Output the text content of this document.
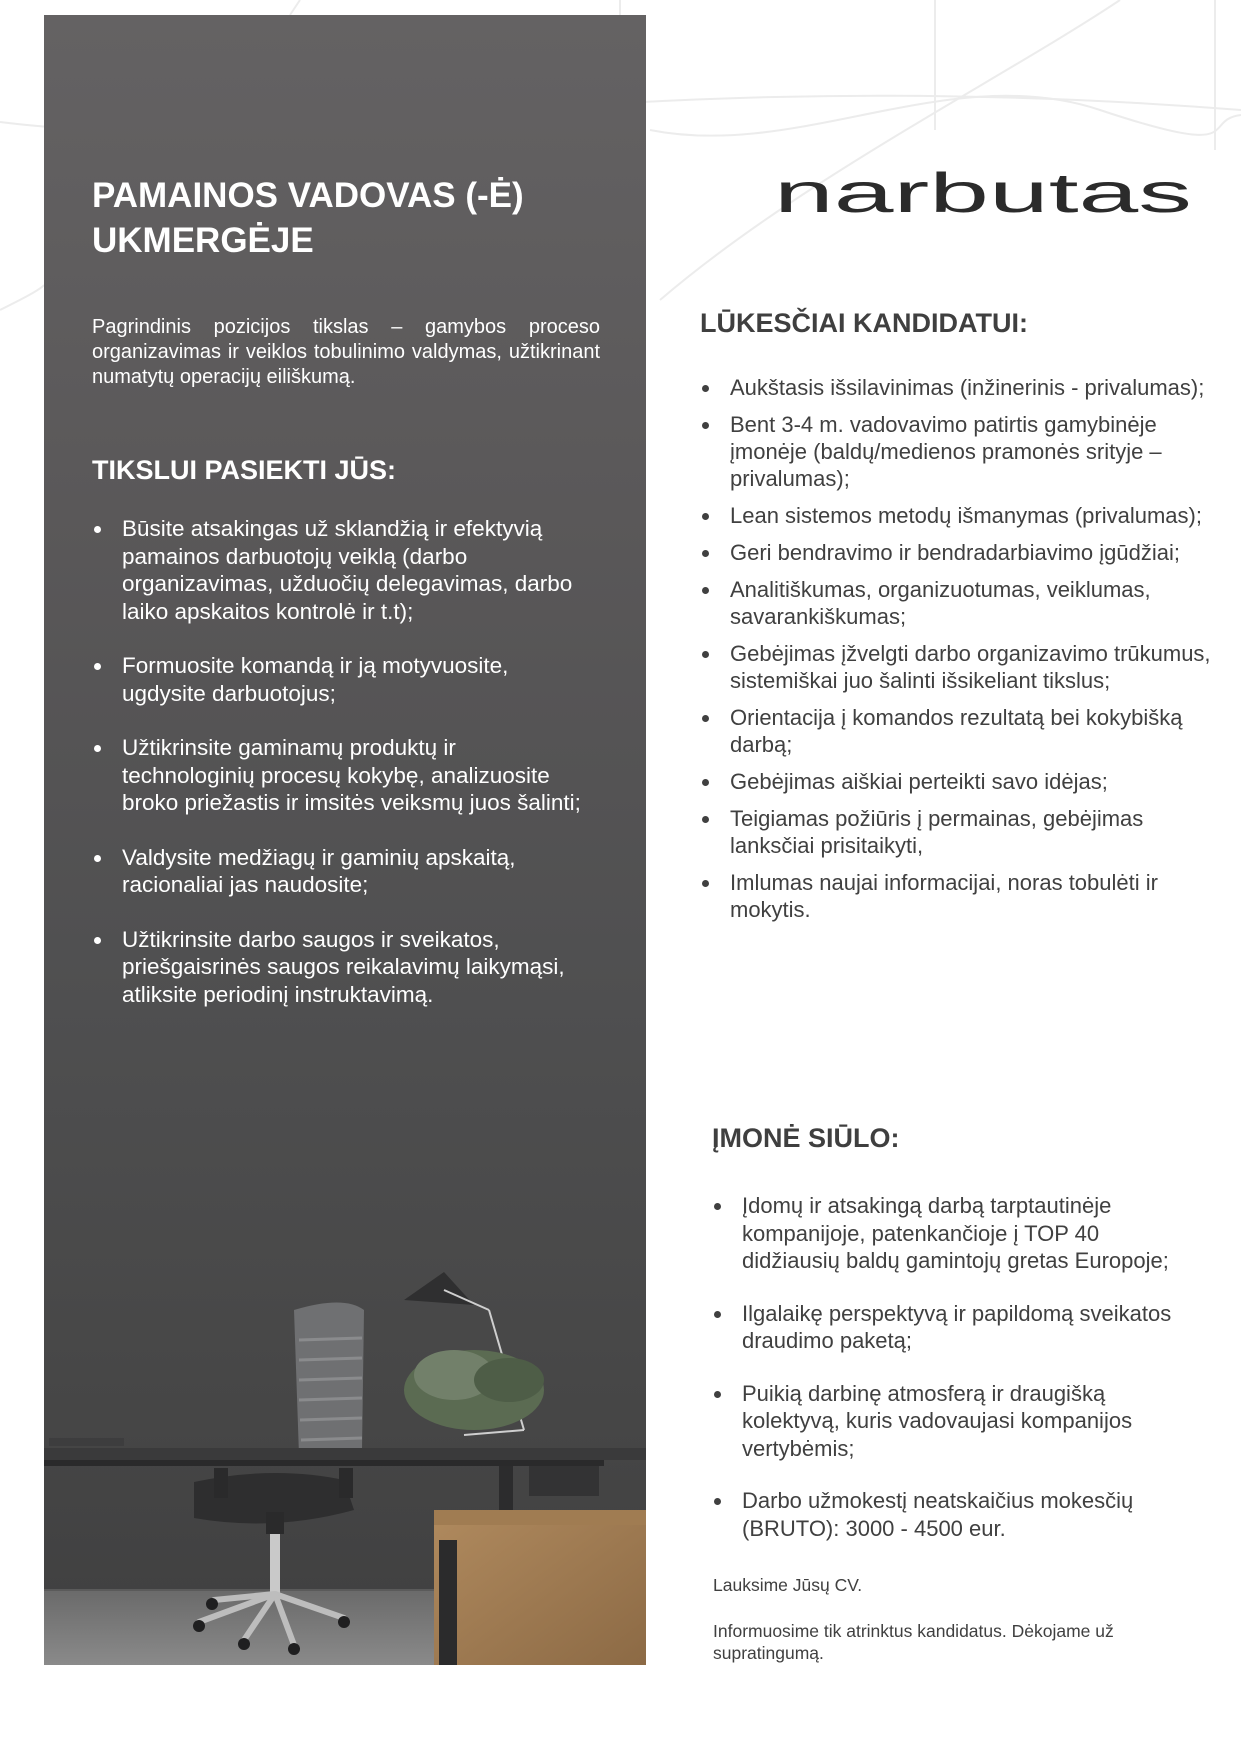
PAMAINOS VADOVAS (-Ė)
UKMERGĖJE

Pagrindinis pozicijos tikslas – gamybos proceso organizavimas ir veiklos tobulinimo valdymas, užtikrinant numatytų operacijų eiliškumą.

TIKSLUI PASIEKTI JŪS:
Būsite atsakingas už sklandžią ir efektyvią pamainos darbuotojų veiklą (darbo organizavimas, užduočių delegavimas, darbo laiko apskaitos kontrolė ir t.t);
Formuosite komandą ir ją motyvuosite, ugdysite darbuotojus;
Užtikrinsite gaminamų produktų ir technologinių procesų kokybę, analizuosite broko priežastis ir imsitės veiksmų juos šalinti;
Valdysite medžiagų ir gaminių apskaitą, racionaliai jas naudosite;
Užtikrinsite darbo saugos ir sveikatos, priešgaisrinės saugos reikalavimų laikymąsi, atliksite periodinį instruktavimą.
narbutas
LŪKESČIAI KANDIDATUI:
Aukštasis išsilavinimas (inžinerinis - privalumas);
Bent 3-4 m. vadovavimo patirtis gamybinėje įmonėje (baldų/medienos pramonės srityje – privalumas);
Lean sistemos metodų išmanymas (privalumas);
Geri bendravimo ir bendradarbiavimo įgūdžiai;
Analitiškumas, organizuotumas, veiklumas, savarankiškumas;
Gebėjimas įžvelgti darbo organizavimo trūkumus, sistemiškai juo šalinti išsikeliant tikslus;
Orientacija į komandos rezultatą bei kokybišką darbą;
Gebėjimas aiškiai perteikti savo idėjas;
Teigiamas požiūris į permainas, gebėjimas lanksčiai prisitaikyti,
Imlumas naujai informacijai, noras tobulėti ir mokytis.
ĮMONĖ SIŪLO:
Įdomų ir atsakingą darbą tarptautinėje kompanijoje, patenkančioje į TOP 40 didžiausių baldų gamintojų gretas Europoje;
Ilgalaikę perspektyvą ir papildomą sveikatos draudimo paketą;
Puikią darbinę atmosferą ir draugišką kolektyvą, kuris vadovaujasi kompanijos vertybėmis;
Darbo užmokestį neatskaičius mokesčių (BRUTO): 3000 - 4500 eur.

Lauksime Jūsų CV.

Informuosime tik atrinktus kandidatus. Dėkojame už supratingumą.
